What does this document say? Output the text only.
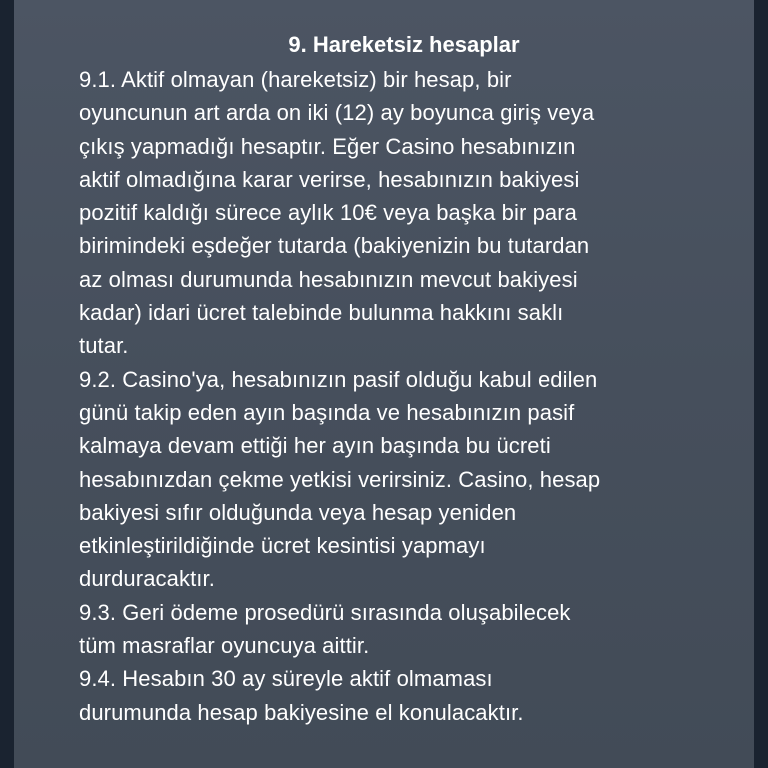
9. Hareketsiz hesaplar

9.1. Aktif olmayan (hareketsiz) bir hesap, bir
oyuncunun art arda on iki (12) ay boyunca giriş veya
çıkış yapmadığı hesaptır. Eğer Casino hesabınızın
aktif olmadığına karar verirse, hesabınızın bakiyesi
pozitif kaldığı sürece aylık 10€ veya başka bir para
birimindeki eşdeğer tutarda (bakiyenizin bu tutardan
az olması durumunda hesabınızın mevcut bakiyesi
kadar) idari ücret talebinde bulunma hakkını saklı
tutar.

9.2. Casino'ya, hesabınızın pasif olduğu kabul edilen
günü takip eden ayın başında ve hesabınızın pasif
kalmaya devam ettiği her ayın başında bu ücreti
hesabınızdan çekme yetkisi verirsiniz. Casino, hesap
bakiyesi sıfır olduğunda veya hesap yeniden
etkinleştirildiğinde ücret kesintisi yapmayı
durduracaktır.

9.3. Geri ödeme prosedürü sırasında oluşabilecek
tüm masraflar oyuncuya aittir.

9.4. Hesabın 30 ay süreyle aktif olmaması
durumunda hesap bakiyesine el konulacaktır.
